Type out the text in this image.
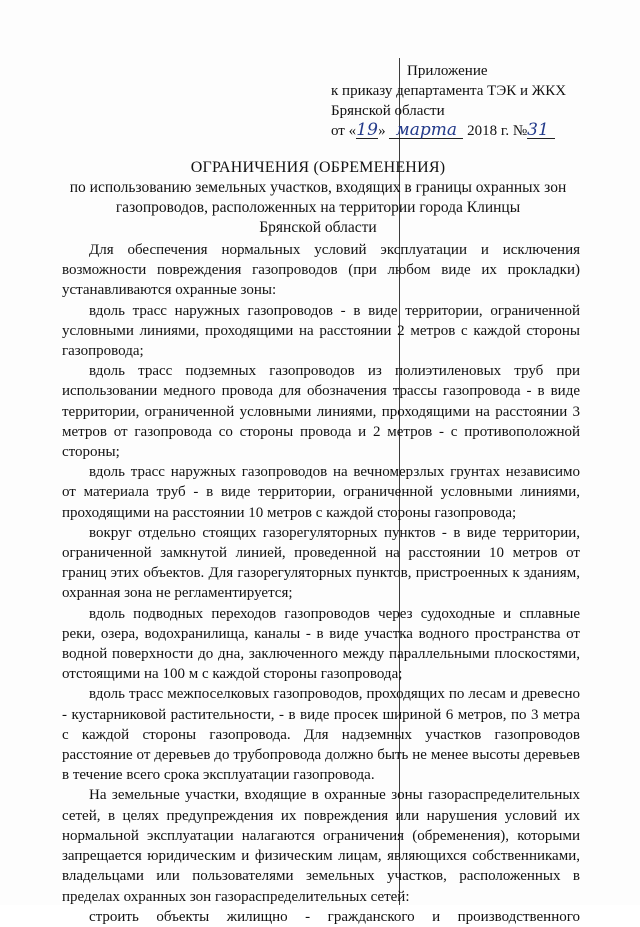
Приложение
к приказу департамента ТЭК и ЖКХ
Брянской области
от «19» марта 2018 г. №31
ОГРАНИЧЕНИЯ (ОБРЕМЕНЕНИЯ)
по использованию земельных участков, входящих в границы охранных зон
газопроводов, расположенных на территории города Клинцы
Брянской области

Для обеспечения нормальных условий эксплуатации и исключения возможности повреждения газопроводов (при любом виде их прокладки) устанавливаются охранные зоны:

вдоль трасс наружных газопроводов - в виде территории, ограниченной условными линиями, проходящими на расстоянии 2 метров с каждой стороны газопровода;

вдоль трасс подземных газопроводов из полиэтиленовых труб при использовании медного провода для обозначения трассы газопровода - в виде территории, ограниченной условными линиями, проходящими на расстоянии 3 метров от газопровода со стороны провода и 2 метров - с противоположной стороны;

вдоль трасс наружных газопроводов на вечномерзлых грунтах независимо от материала труб - в виде территории, ограниченной условными линиями, проходящими на расстоянии 10 метров с каждой стороны газопровода;

вокруг отдельно стоящих газорегуляторных пунктов - в виде территории, ограниченной замкнутой линией, проведенной на расстоянии 10 метров от границ этих объектов. Для газорегуляторных пунктов, пристроенных к зданиям, охранная зона не регламентируется;

вдоль подводных переходов газопроводов через судоходные и сплавные реки, озера, водохранилища, каналы - в виде участка водного пространства от водной поверхности до дна, заключенного между параллельными плоскостями, отстоящими на 100 м с каждой стороны газопровода;

вдоль трасс межпоселковых газопроводов, проходящих по лесам и древесно - кустарниковой растительности, - в виде просек шириной 6 метров, по 3 метра с каждой стороны газопровода. Для надземных участков газопроводов расстояние от деревьев до трубопровода должно быть не менее высоты деревьев в течение всего срока эксплуатации газопровода.

На земельные участки, входящие в охранные зоны газораспределительных сетей, в целях предупреждения их повреждения или нарушения условий их нормальной эксплуатации налагаются ограничения (обременения), которыми запрещается юридическим и физическим лицам, являющихся собственниками, владельцами или пользователями земельных участков, расположенных в пределах охранных зон газораспределительных сетей:

строить объекты жилищно - гражданского и производственного
